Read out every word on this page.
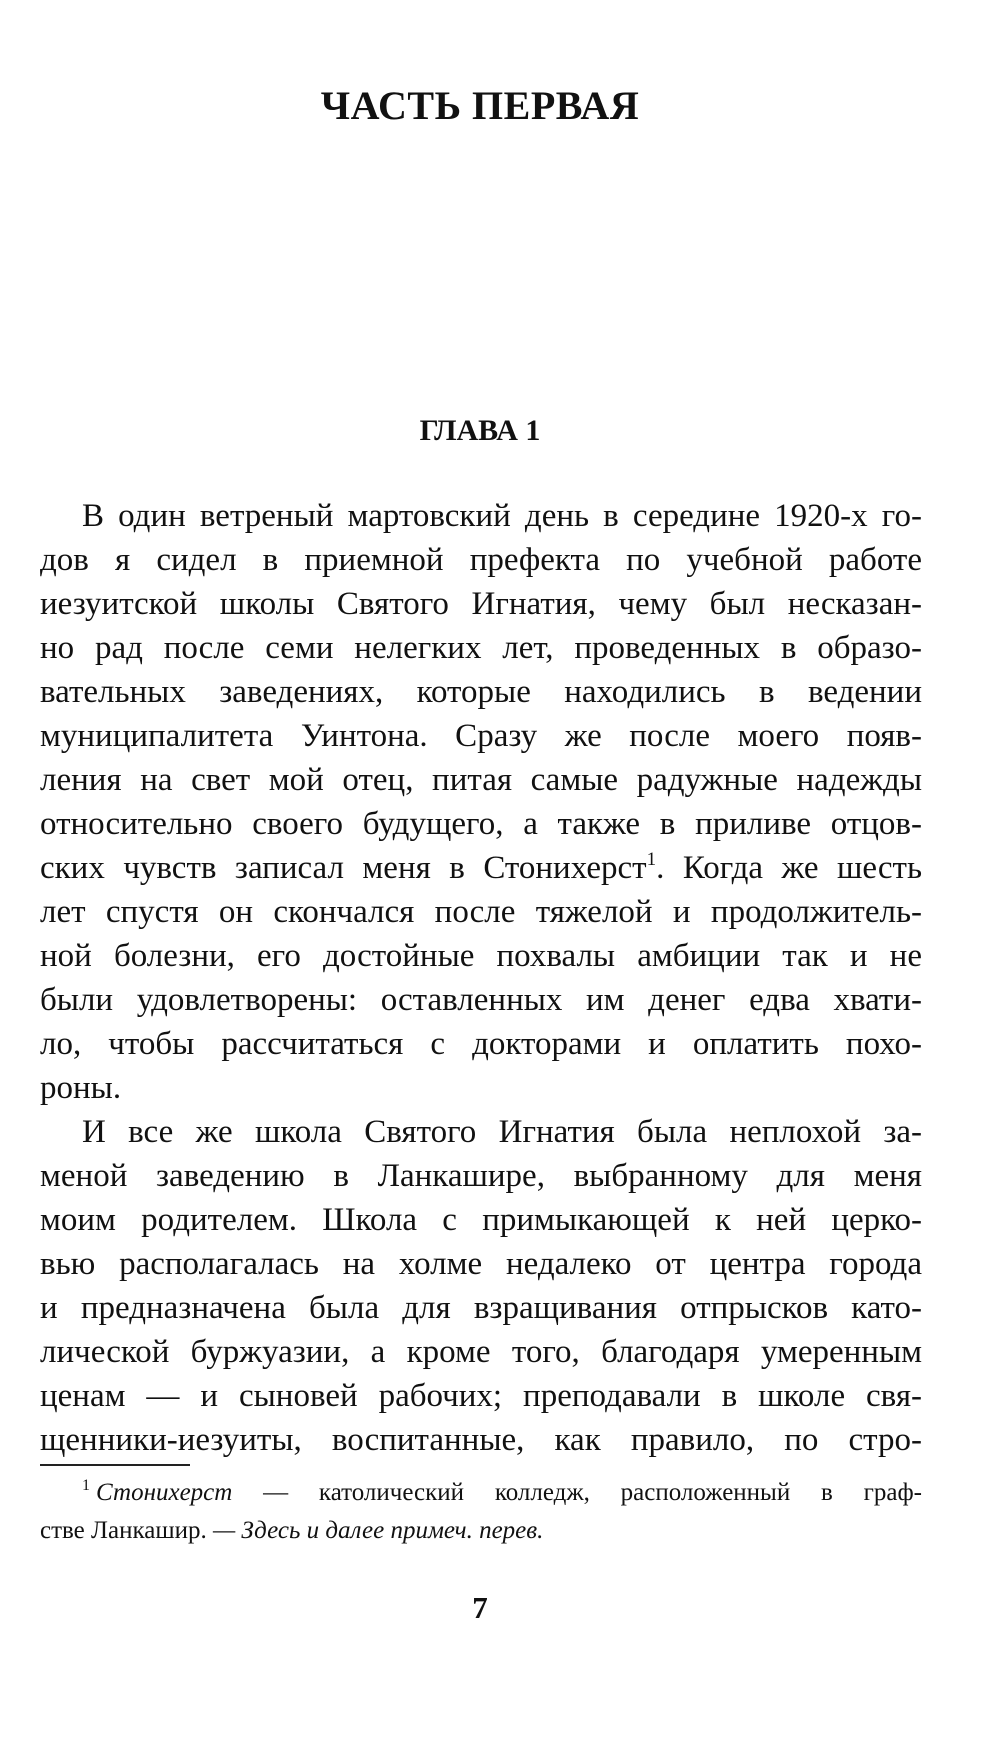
ЧАСТЬ ПЕРВАЯ
ГЛАВА 1
В один ветреный мартовский день в середине 1920-х го-
дов я сидел в приемной префекта по учебной работе
иезуитской школы Святого Игнатия, чему был несказан-
но рад после семи нелегких лет, проведенных в образо-
вательных заведениях, которые находились в ведении
муниципалитета Уинтона. Сразу же после моего появ-
ления на свет мой отец, питая самые радужные надежды
относительно своего будущего, а также в приливе отцов-
ских чувств записал меня в Стонихерст$^1$. Когда же шесть
лет спустя он скончался после тяжелой и продолжитель-
ной болезни, его достойные похвалы амбиции так и не
были удовлетворены: оставленных им денег едва хвати-
ло, чтобы рассчитаться с докторами и оплатить похо-
роны.
И все же школа Святого Игнатия была неплохой за-
меной заведению в Ланкашире, выбранному для меня
моим родителем. Школа с примыкающей к ней церко-
вью располагалась на холме недалеко от центра города
и предназначена была для взращивания отпрысков като-
лической буржуазии, а кроме того, благодаря умеренным
ценам — и сыновей рабочих; преподавали в школе свя-
щенники-иезуиты, воспитанные, как правило, по стро-
$^1$ Стонихерст — католический колледж, расположенный в граф-
стве Ланкашир. — Здесь и далее примеч. перев.
7
